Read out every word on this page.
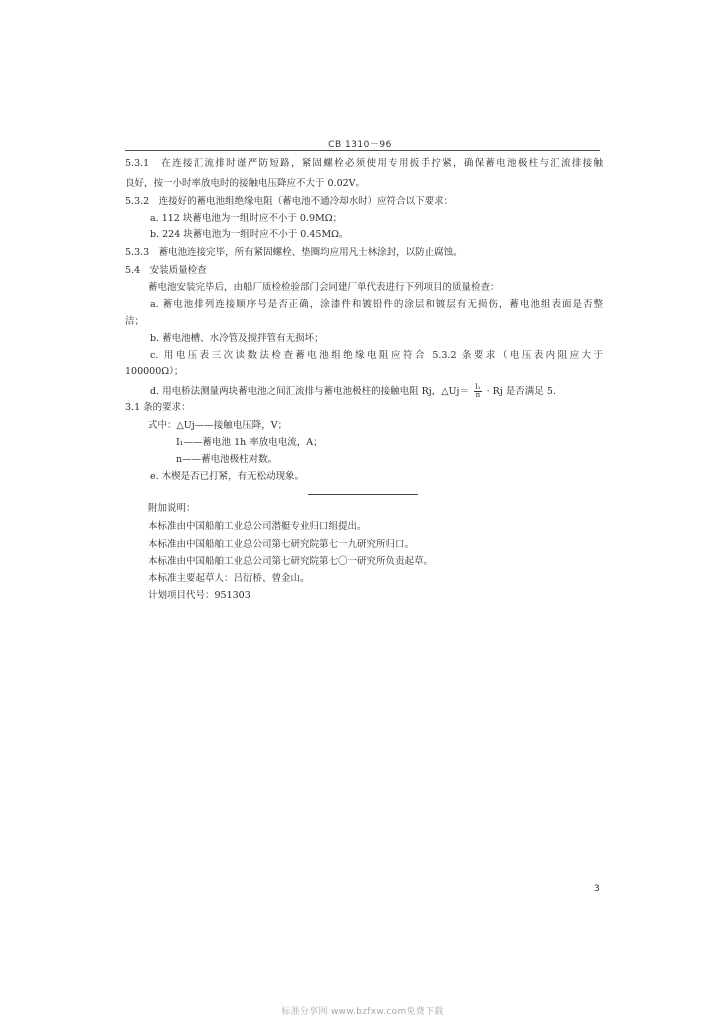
CB 1310－96
5.3.1　在连接汇流排时谨严防短路，紧固螺栓必须使用专用扳手拧紧，确保蓄电池极柱与汇流排接触
良好，按一小时率放电时的接触电压降应不大于 0.02V。
5.3.2　连接好的蓄电池组绝缘电阻（蓄电池不通冷却水时）应符合以下要求：
a. 112 块蓄电池为一组时应不小于 0.9MΩ；
b. 224 块蓄电池为一组时应不小于 0.45MΩ。
5.3.3　蓄电池连接完毕，所有紧固螺栓、垫圈均应用凡士林涂封，以防止腐蚀。
5.4　安装质量检查
蓄电池安装完毕后，由船厂质检检验部门会同建厂单代表进行下列项目的质量检查：
a. 蓄电池排列连接顺序号是否正确，涂漆件和镀铅件的涂层和镀层有无损伤，蓄电池组表面是否整
洁；
b. 蓄电池槽、水冷管及搅拌管有无损坏；
c. 用电压表三次读数法检查蓄电池组绝缘电阻应符合 5.3.2 条要求（电压表内阻应大于
100000Ω）；
d. 用电桥法测量两块蓄电池之间汇流排与蓄电池极柱的接触电阻 Rj，△Uj＝ $\frac{\text{I₁}}{n} \cdot Rj$ 是否满足 5.
3.1 条的要求：
式中：△Uj——接触电压降，V；
I₁——蓄电池 1h 率放电电流，A；
n——蓄电池极柱对数。
e. 木楔是否已打紧，有无松动现象。
附加说明：
本标准由中国船舶工业总公司潜艇专业归口组提出。
本标准由中国船舶工业总公司第七研究院第七一九研究所归口。
本标准由中国船舶工业总公司第七研究院第七〇一研究所负责起草。
本标准主要起草人：吕衍桥、曾金山。
计划项目代号：951303
3
标准分享网 www.bzfxw.com免费下载
